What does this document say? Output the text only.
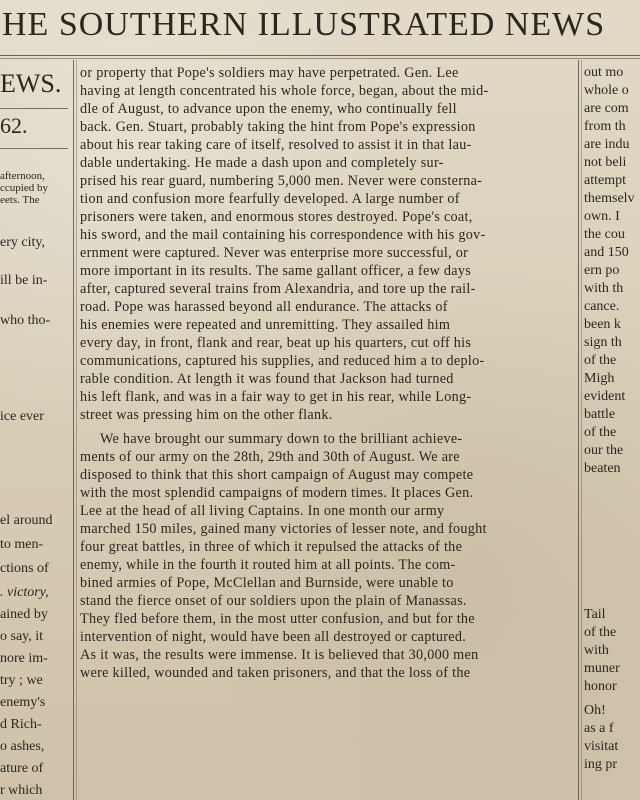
HE SOUTHERN ILLUSTRATED NEWS
EWS.
62.
afternoon,
ccupied by
eets. The
ery city,
ill be in-
who tho-
ice ever
el around
to men-
ctions of
. victory,
ained by
o say, it
nore im-
try ; we
enemy's
d Rich-
o ashes,
ature of
r which
or property that Pope's soldiers may have perpetrated. Gen. Lee
having at length concentrated his whole force, began, about the mid-
dle of August, to advance upon the enemy, who continually fell
back. Gen. Stuart, probably taking the hint from Pope's expression
about his rear taking care of itself, resolved to assist it in that lau-
dable undertaking. He made a dash upon and completely sur-
prised his rear guard, numbering 5,000 men. Never were consterna-
tion and confusion more fearfully developed. A large number of
prisoners were taken, and enormous stores destroyed. Pope's coat,
his sword, and the mail containing his correspondence with his gov-
ernment were captured. Never was enterprise more successful, or
more important in its results. The same gallant officer, a few days
after, captured several trains from Alexandria, and tore up the rail-
road. Pope was harassed beyond all endurance. The attacks of
his enemies were repeated and unremitting. They assailed him
every day, in front, flank and rear, beat up his quarters, cut off his
communications, captured his supplies, and reduced him a to deplo-
rable condition. At length it was found that Jackson had turned
his left flank, and was in a fair way to get in his rear, while Long-
street was pressing him on the other flank.
We have brought our summary down to the brilliant achieve-
ments of our army on the 28th, 29th and 30th of August. We are
disposed to think that this short campaign of August may compete
with the most splendid campaigns of modern times. It places Gen.
Lee at the head of all living Captains. In one month our army
marched 150 miles, gained many victories of lesser note, and fought
four great battles, in three of which it repulsed the attacks of the
enemy, while in the fourth it routed him at all points. The com-
bined armies of Pope, McClellan and Burnside, were unable to
stand the fierce onset of our soldiers upon the plain of Manassas.
They fled before them, in the most utter confusion, and but for the
intervention of night, would have been all destroyed or captured.
As it was, the results were immense. It is believed that 30,000 men
were killed, wounded and taken prisoners, and that the loss of the
out mo
whole o
are com
from th
are indu
not beli
attempt
themselv
own. I
the cou
and 150
ern po
with th
cance.
been k
sign th
of the
Migh
evident
battle
of the
our the
beaten
Tail
of the
with
muner
honor
Oh!
as a f
visitat
ing pr
